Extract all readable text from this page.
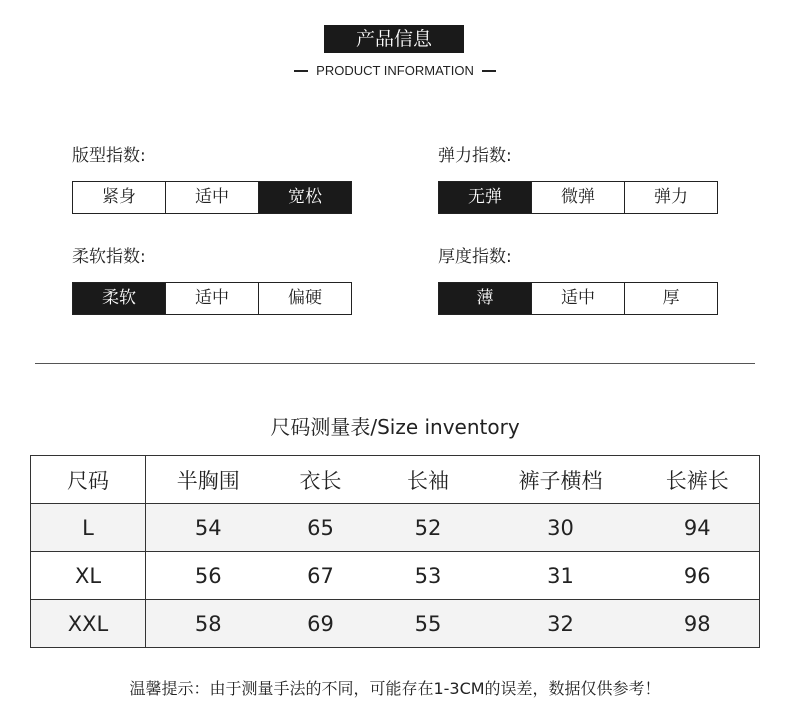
产品信息
PRODUCT INFORMATION
版型指数:
紧身	适中	宽松
弹力指数:
无弹	微弹	弹力
柔软指数:
柔软	适中	偏硬
厚度指数:
薄	适中	厚
尺码测量表/Size inventory
尺码	半胸围	衣长	长袖	裤子横档	长裤长
L	54	65	52	30	94
XL	56	67	53	31	96
XXL	58	69	55	32	98
温馨提示：由于测量手法的不同，可能存在1-3CM的误差，数据仅供参考！
